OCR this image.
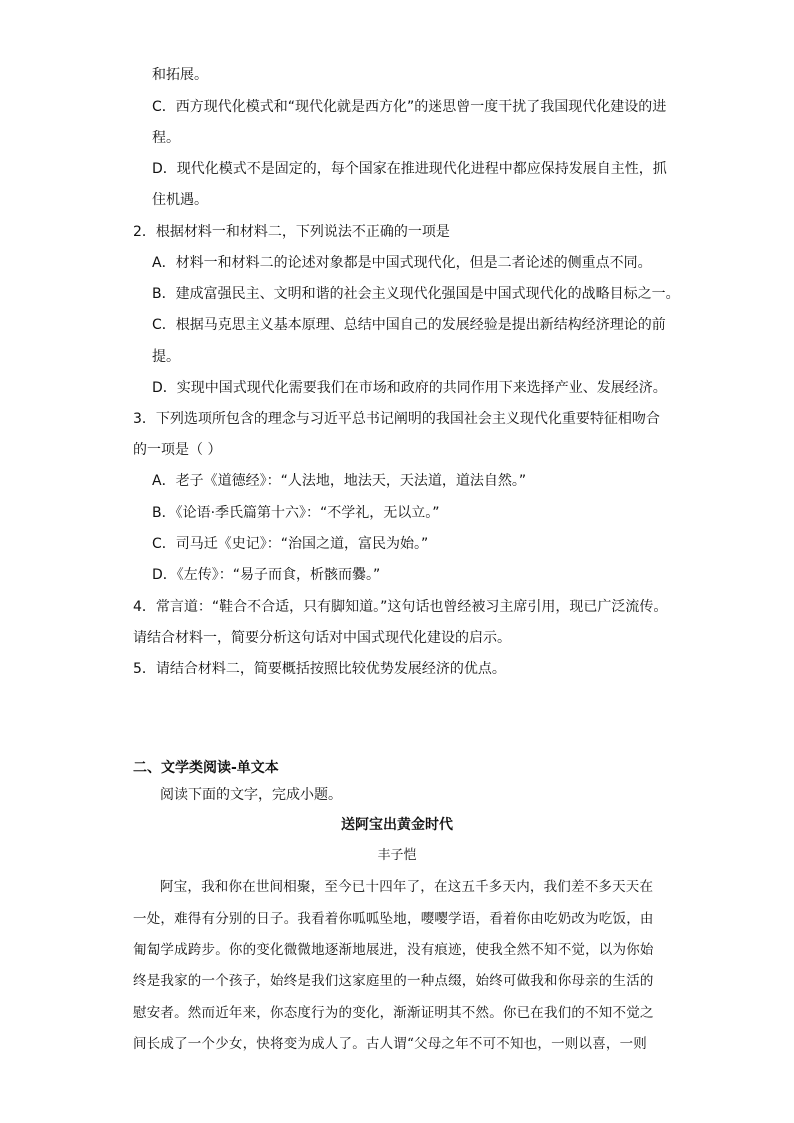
和拓展。
C．西方现代化模式和“现代化就是西方化”的迷思曾一度干扰了我国现代化建设的进
程。
D．现代化模式不是固定的，每个国家在推进现代化进程中都应保持发展自主性，抓
住机遇。
2．根据材料一和材料二，下列说法不正确的一项是
A．材料一和材料二的论述对象都是中国式现代化，但是二者论述的侧重点不同。
B．建成富强民主、文明和谐的社会主义现代化强国是中国式现代化的战略目标之一。
C．根据马克思主义基本原理、总结中国自己的发展经验是提出新结构经济理论的前
提。
D．实现中国式现代化需要我们在市场和政府的共同作用下来选择产业、发展经济。
3．下列选项所包含的理念与习近平总书记阐明的我国社会主义现代化重要特征相吻合
的一项是（ ）
A．老子《道德经》：“人法地，地法天，天法道，道法自然。”
B．《论语·季氏篇第十六》：“不学礼，无以立。”
C．司马迁《史记》：“治国之道，富民为始。”
D．《左传》：“易子而食，析骸而爨。”
4．常言道：“鞋合不合适，只有脚知道。”这句话也曾经被习主席引用，现已广泛流传。
请结合材料一，简要分析这句话对中国式现代化建设的启示。
5．请结合材料二，简要概括按照比较优势发展经济的优点。
二、文学类阅读-单文本
阅读下面的文字，完成小题。
送阿宝出黄金时代
丰子恺
阿宝，我和你在世间相聚，至今已十四年了，在这五千多天内，我们差不多天天在
一处，难得有分别的日子。我看着你呱呱坠地，嘤嘤学语，看着你由吃奶改为吃饭，由
匍匐学成跨步。你的变化微微地逐渐地展进，没有痕迹，使我全然不知不觉，以为你始
终是我家的一个孩子，始终是我们这家庭里的一种点缀，始终可做我和你母亲的生活的
慰安者。然而近年来，你态度行为的变化，渐渐证明其不然。你已在我们的不知不觉之
间长成了一个少女，快将变为成人了。古人谓“父母之年不可不知也，一则以喜，一则
